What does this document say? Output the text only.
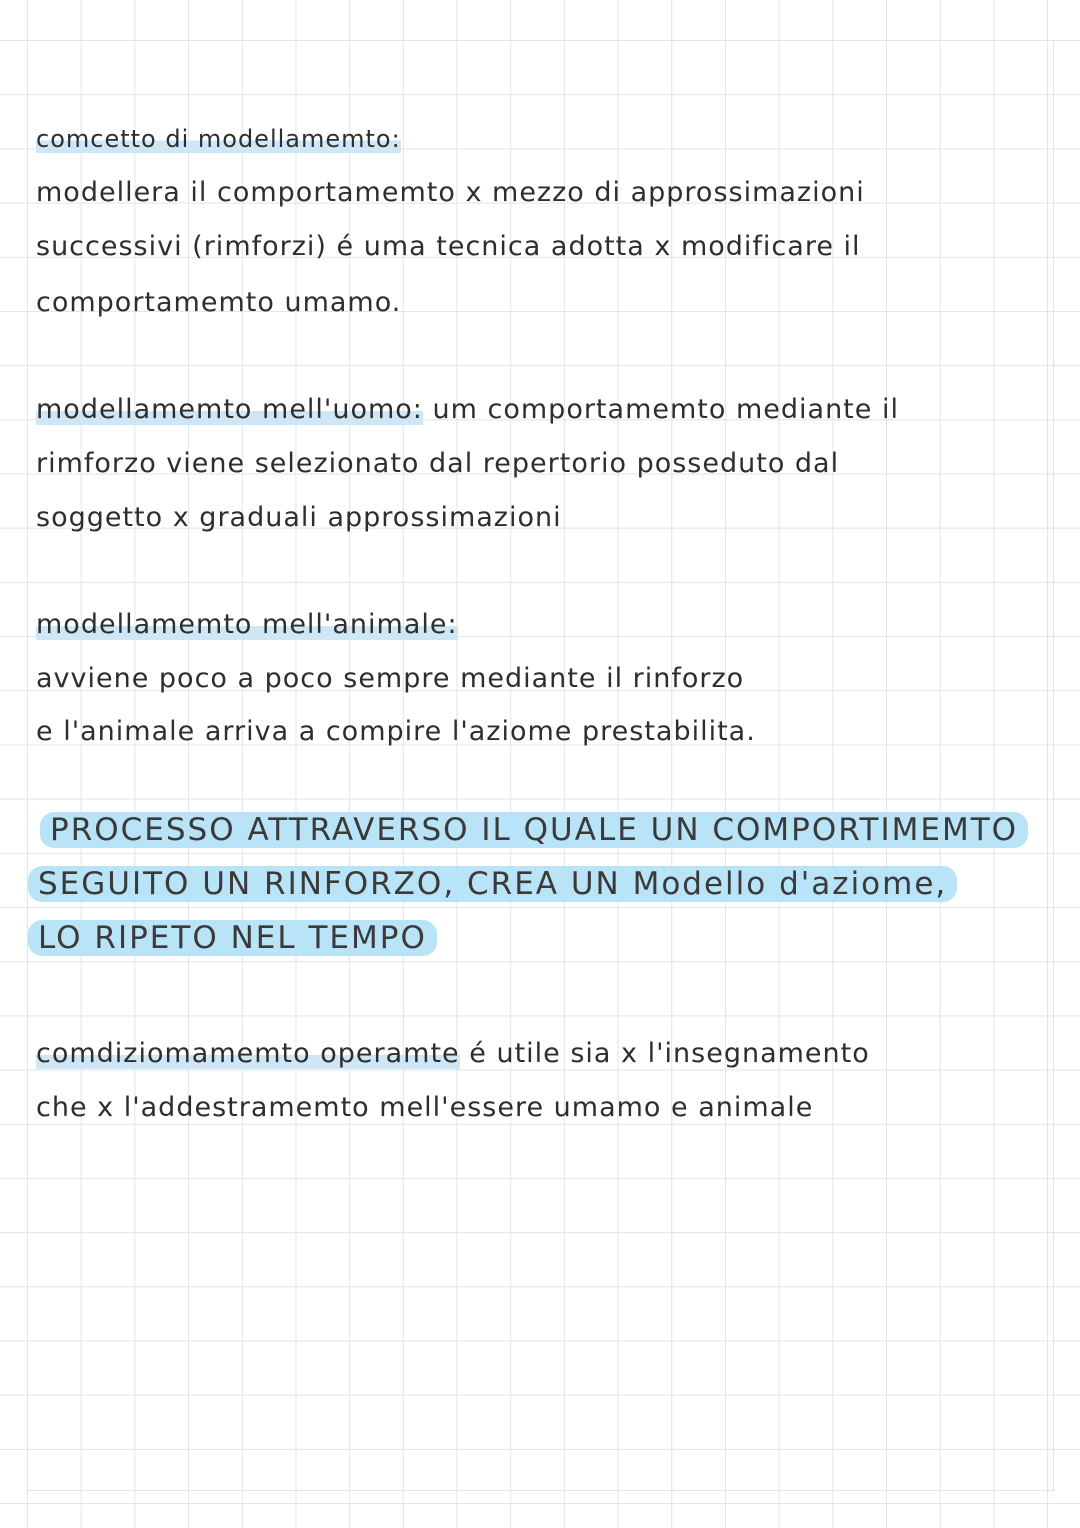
comcetto di modellamemto:
modellera il comportamemto x mezzo di approssimazioni
successivi (rimforzi) é uma tecnica adotta x modificare il
comportamemto umamo.
modellamemto mell'uomo: um comportamemto mediante il
rimforzo viene selezionato dal repertorio posseduto dal
soggetto x graduali approssimazioni
modellamemto mell'animale:
avviene poco a poco sempre mediante il rinforzo
e l'animale arriva a compire l'aziome prestabilita.
PROCESSO ATTRAVERSO IL QUALE UN COMPORTIMEMTO
SEGUITO UN RINFORZO, CREA UN Modello d'aziome,
LO RIPETO NEL TEMPO
comdiziomamemto operamte é utile sia x l'insegnamento
che x l'addestramemto mell'essere umamo e animale
